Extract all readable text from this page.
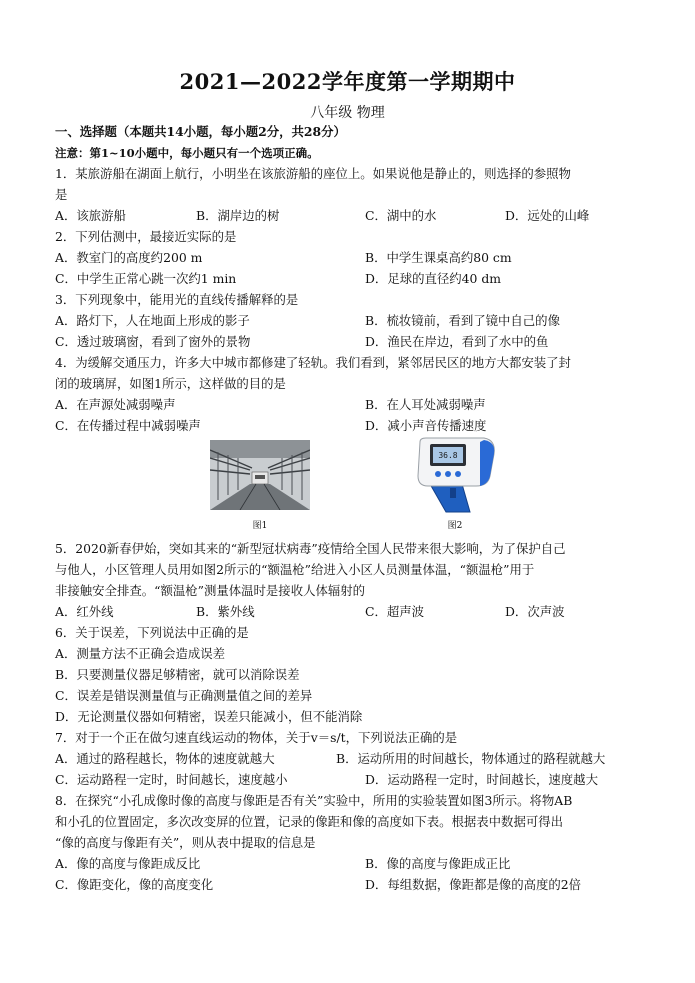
2021—2022学年度第一学期期中
八年级 物理
一、选择题（本题共14小题，每小题2分，共28分）
注意：第1~10小题中，每小题只有一个选项正确。
1．某旅游船在湖面上航行，小明坐在该旅游船的座位上。如果说他是静止的，则选择的参照物
是
A．该旅游船	B．湖岸边的树	C．湖中的水	D．远处的山峰
2．下列估测中，最接近实际的是
A．教室门的高度约200 m	B．中学生课桌高约80 cm
C．中学生正常心跳一次约1 min	D．足球的直径约40 dm
3．下列现象中，能用光的直线传播解释的是
A．路灯下，人在地面上形成的影子	B．梳妆镜前，看到了镜中自己的像
C．透过玻璃窗，看到了窗外的景物	D．渔民在岸边，看到了水中的鱼
4．为缓解交通压力，许多大中城市都修建了轻轨。我们看到，紧邻居民区的地方大都安装了封
闭的玻璃屏，如图1所示，这样做的目的是
A．在声源处减弱噪声	B．在人耳处减弱噪声
C．在传播过程中减弱噪声	D．减小声音传播速度
图1
36.8
图2
5．2020新春伊始，突如其来的“新型冠状病毒”疫情给全国人民带来很大影响，为了保护自己
与他人，小区管理人员用如图2所示的“额温枪”给进入小区人员测量体温，“额温枪”用于
非接触安全排查。“额温枪”测量体温时是接收人体辐射的
A．红外线	B．紫外线	C．超声波	D．次声波
6．关于误差，下列说法中正确的是
A．测量方法不正确会造成误差
B．只要测量仪器足够精密，就可以消除误差
C．误差是错误测量值与正确测量值之间的差异
D．无论测量仪器如何精密，误差只能减小，但不能消除
7．对于一个正在做匀速直线运动的物体，关于v＝s/t，下列说法正确的是
A．通过的路程越长，物体的速度就越大	B．运动所用的时间越长，物体通过的路程就越大
C．运动路程一定时，时间越长，速度越小	D．运动路程一定时，时间越长，速度越大
8．在探究“小孔成像时像的高度与像距是否有关”实验中，所用的实验装置如图3所示。将物AB
和小孔的位置固定，多次改变屏的位置，记录的像距和像的高度如下表。根据表中数据可得出
“像的高度与像距有关”，则从表中提取的信息是
A．像的高度与像距成反比	B．像的高度与像距成正比
C．像距变化，像的高度变化	D．每组数据，像距都是像的高度的2倍
